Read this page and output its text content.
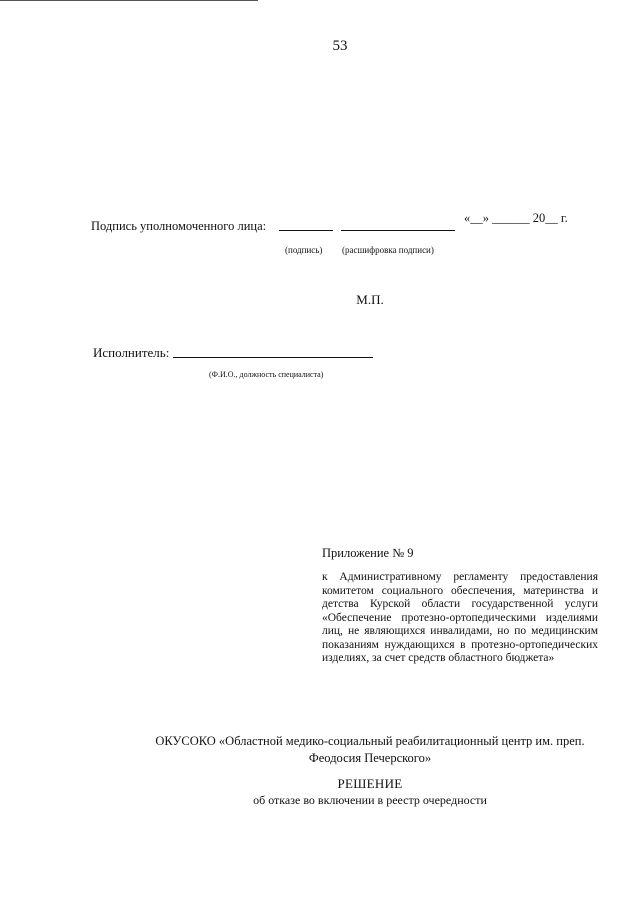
53
Подпись уполномоченного лица:
«__» ______ 20__ г.
(подпись) (расшифровка подписи)
М.П.
Исполнитель:
(Ф.И.О., должность специалиста)
Приложение № 9
к Административному регламенту предоставления комитетом социального обеспечения, материнства и детства Курской области государственной услуги «Обеспечение протезно-ортопедическими изделиями лиц, не являющихся инвалидами, но по медицинским показаниям нуждающихся в протезно-ортопедических изделиях, за счет средств областного бюджета»
ОКУСОКО «Областной медико-социальный реабилитационный центр им. преп.
Феодосия Печерского»
РЕШЕНИЕ
об отказе во включении в реестр очередности
